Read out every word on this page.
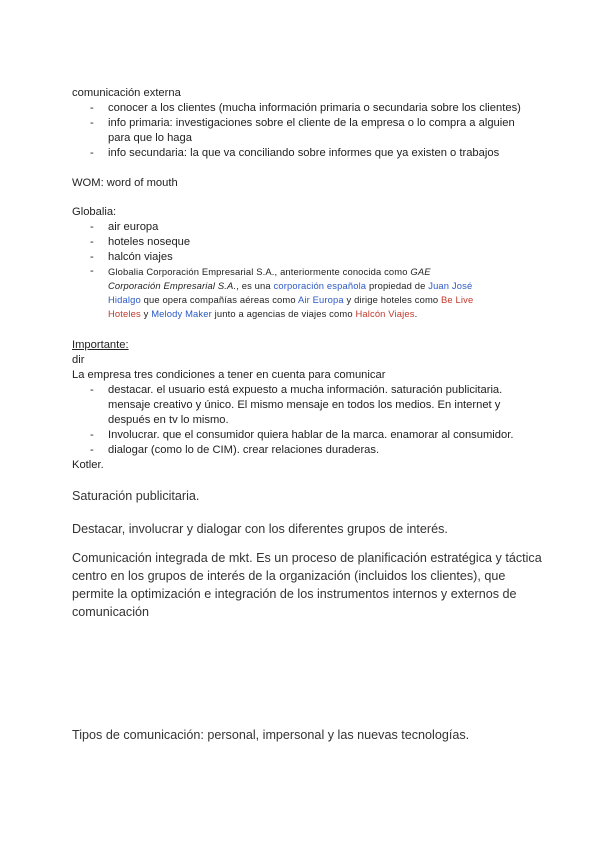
comunicación externa
- conocer a los clientes (mucha información primaria o secundaria sobre los clientes)
- info primaria: investigaciones sobre el cliente de la empresa o lo compra a alguien
para que lo haga
- info secundaria: la que va conciliando sobre informes que ya existen o trabajos
WOM: word of mouth
Globalia:
- air europa
- hoteles noseque
- halcón viajes
- Globalia Corporación Empresarial S.A., anteriormente conocida como GAE
Corporación Empresarial S.A., es una corporación española propiedad de Juan José
Hidalgo que opera compañías aéreas como Air Europa y dirige hoteles como Be Live
Hoteles y Melody Maker junto a agencias de viajes como Halcón Viajes.
Importante:
dir
La empresa tres condiciones a tener en cuenta para comunicar
- destacar. el usuario está expuesto a mucha información. saturación publicitaria.
mensaje creativo y único. El mismo mensaje en todos los medios. En internet y
después en tv lo mismo.
- Involucrar. que el consumidor quiera hablar de la marca. enamorar al consumidor.
- dialogar (como lo de CIM). crear relaciones duraderas.
Kotler.
Saturación publicitaria.
Destacar, involucrar y dialogar con los diferentes grupos de interés.
Comunicación integrada de mkt. Es un proceso de planificación estratégica y táctica
centro en los grupos de interés de la organización (incluidos los clientes), que
permite la optimización e integración de los instrumentos internos y externos de
comunicación
Tipos de comunicación: personal, impersonal y las nuevas tecnologías.
